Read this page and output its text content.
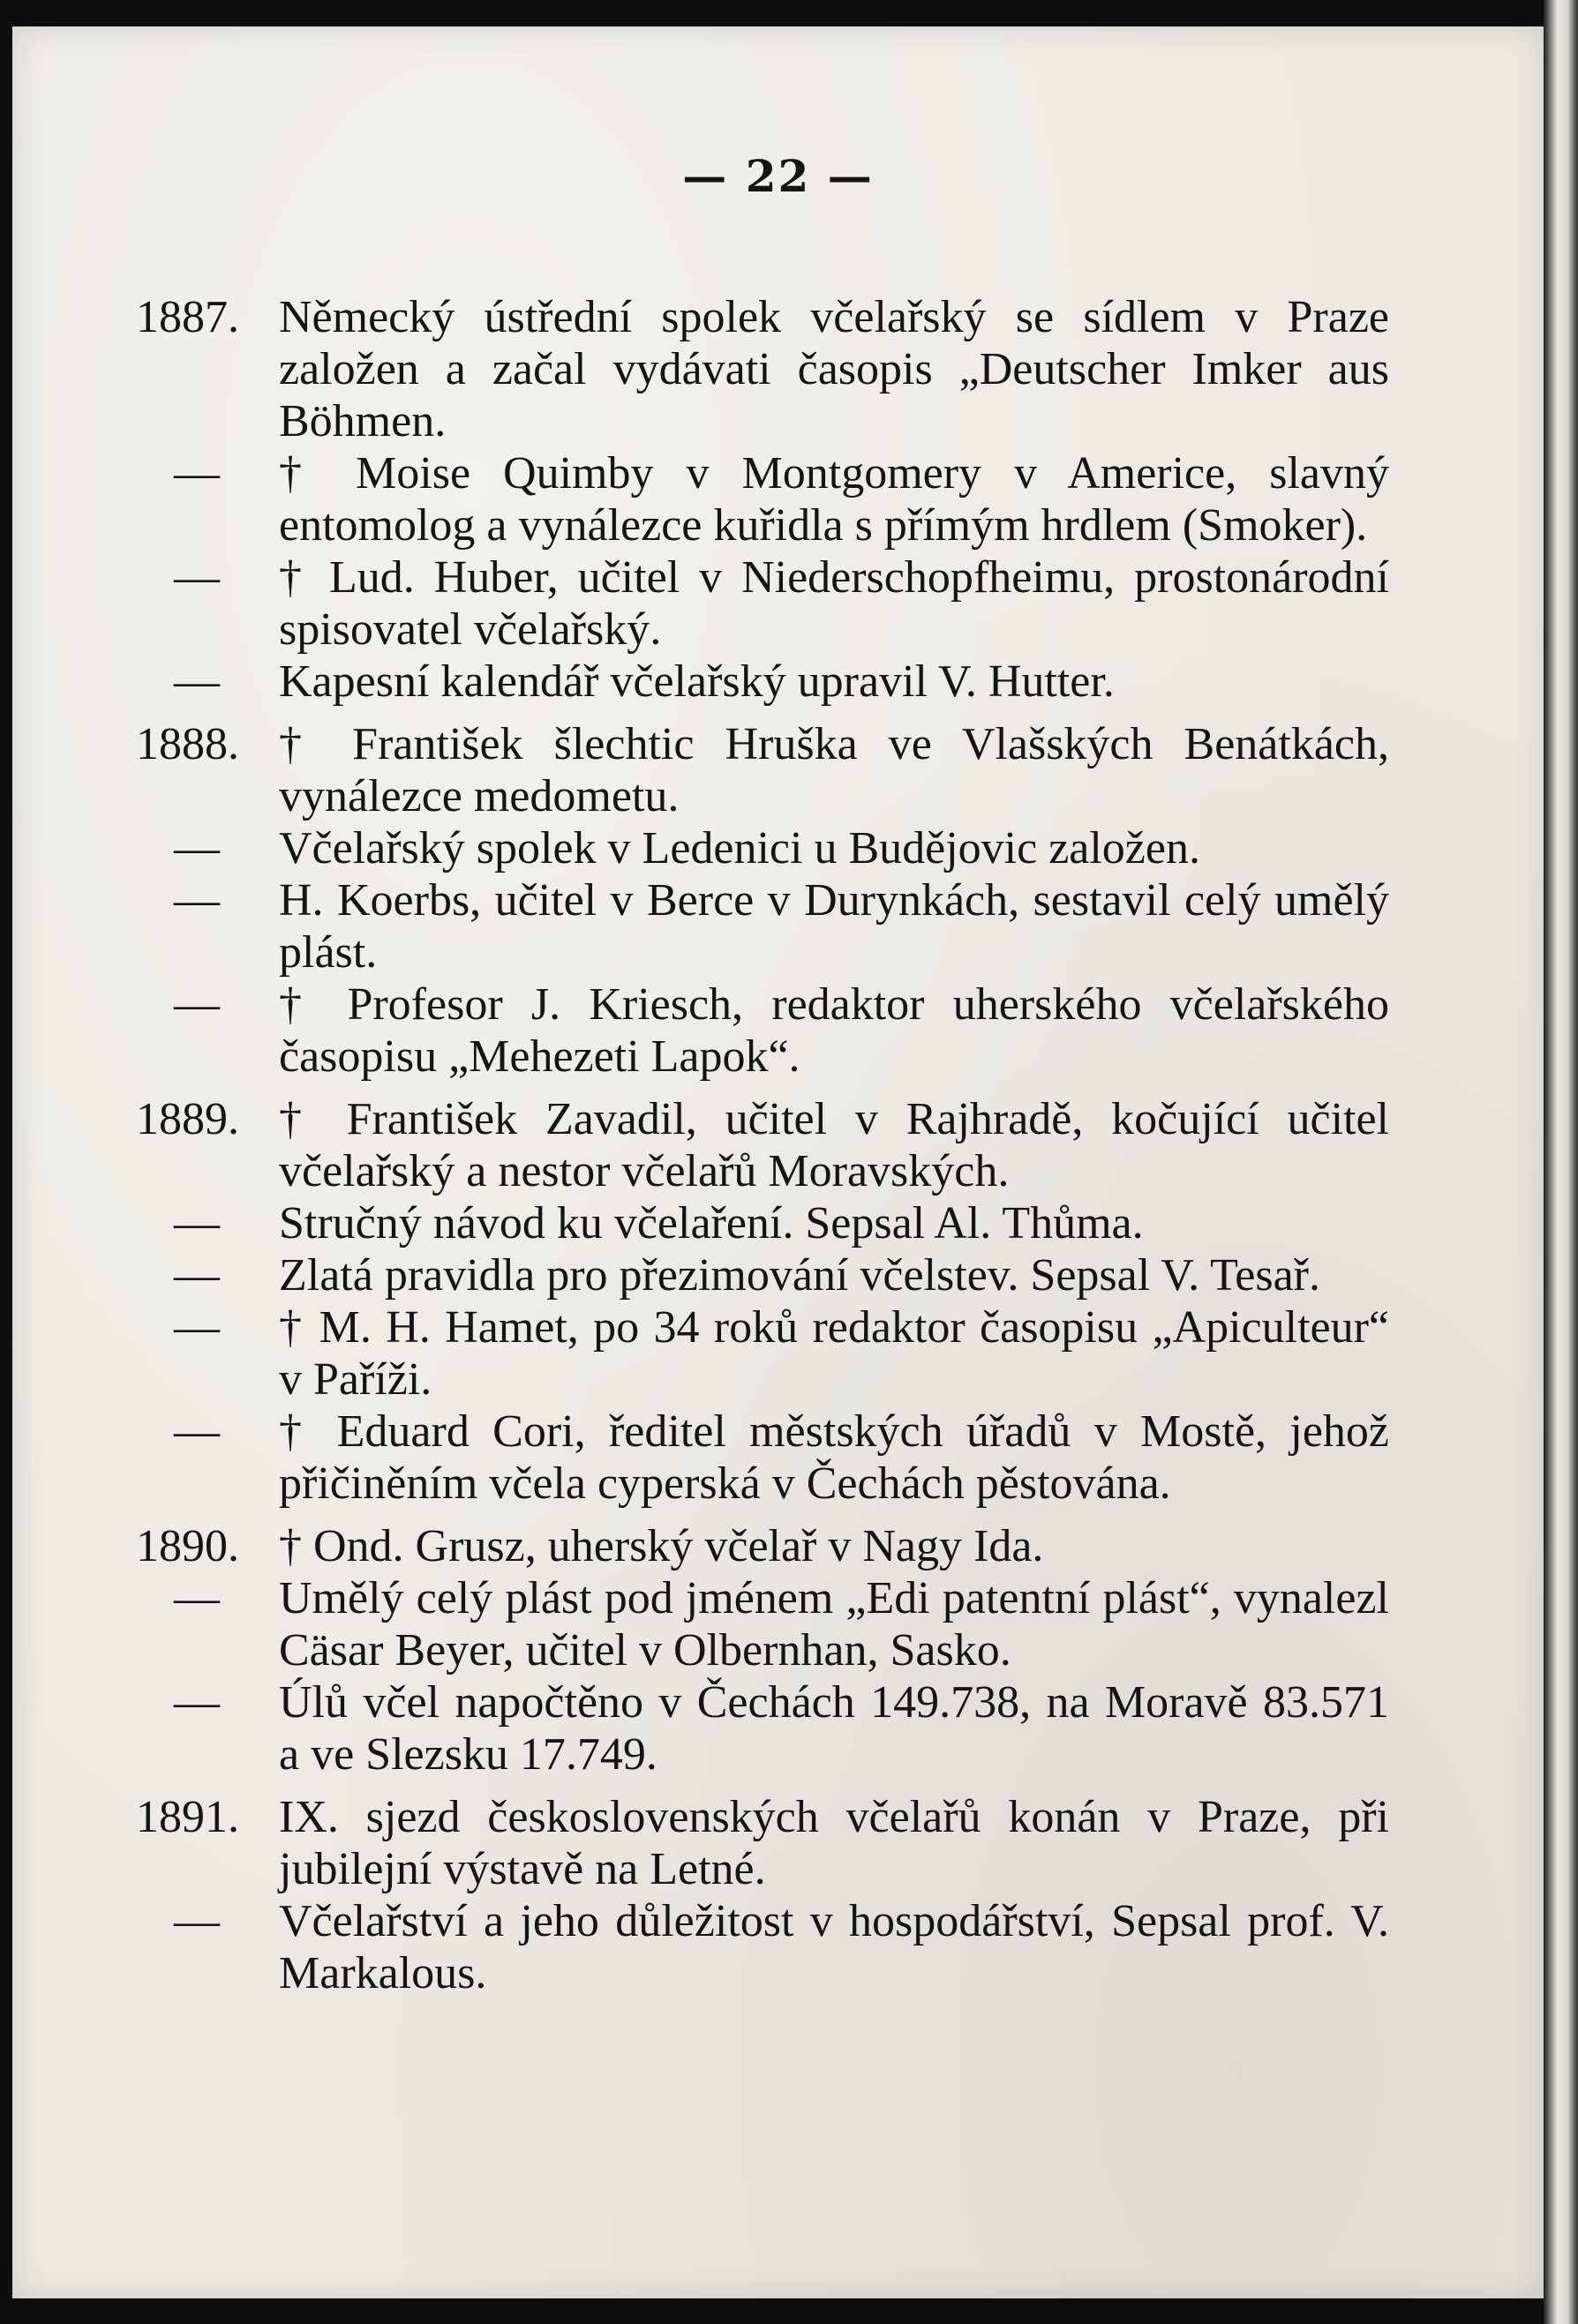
— 22 —
1887. Německý ústřední spolek včelařský se sídlem v Praze založen a začal vydávati časopis „Deutscher Imker aus Böhmen.
—	† Moise Quimby v Montgomery v Americe, slavný entomolog a vynálezce kuřidla s přímým hrdlem (Smoker).
—	† Lud. Huber, učitel v Niederschopfheimu, prostonárodní spisovatel včelařský.
—	Kapesní kalendář včelařský upravil V. Hutter.
1888. † František šlechtic Hruška ve Vlašských Benátkách, vynálezce medometu.
—	Včelařský spolek v Ledenici u Budějovic založen.
—	H. Koerbs, učitel v Berce v Durynkách, sestavil celý umělý plást.
—	† Profesor J. Kriesch, redaktor uherského včelařského časopisu „Mehezeti Lapok“.
1889. † František Zavadil, učitel v Rajhradě, kočující učitel včelařský a nestor včelařů Moravských.
—	Stručný návod ku včelaření. Sepsal Al. Thůma.
—	Zlatá pravidla pro přezimování včelstev. Sepsal V. Tesař.
—	† M. H. Hamet, po 34 roků redaktor časopisu „Apiculteur“ v Paříži.
—	† Eduard Cori, ředitel městských úřadů v Mostě, jehož přičiněním včela cyperská v Čechách pěstována.
1890. † Ond. Grusz, uherský včelař v Nagy Ida.
—	Umělý celý plást pod jménem „Edi patentní plást“, vynalezl Cäsar Beyer, učitel v Olbernhan, Sasko.
—	Úlů včel napočtěno v Čechách 149.738, na Moravě 83.571 a ve Slezsku 17.749.
1891. IX. sjezd československých včelařů konán v Praze, při jubilejní výstavě na Letné.
—	Včelařství a jeho důležitost v hospodářství, Sepsal prof. V. Markalous.
